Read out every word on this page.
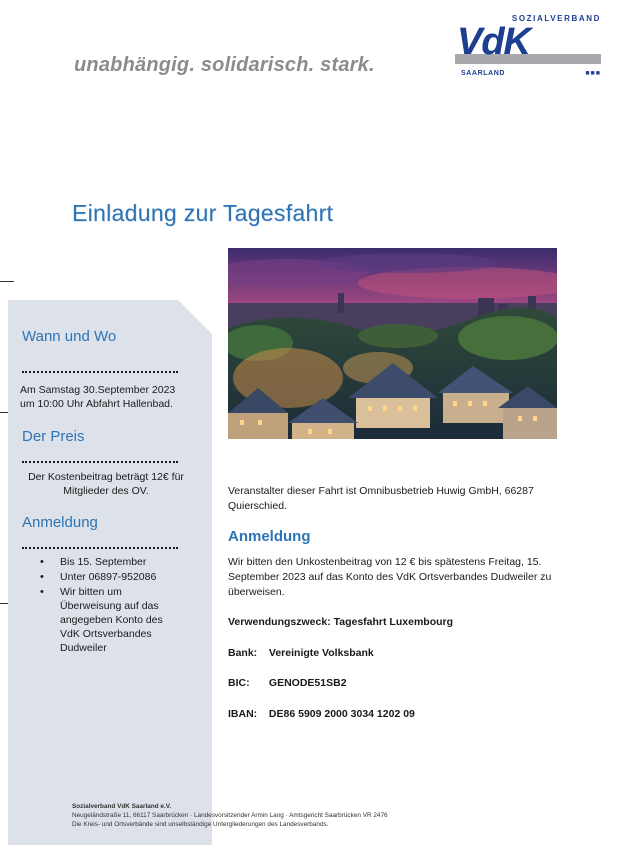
unabhängig. solidarisch. stark.
SOZIALVERBAND
VdK
SAARLAND	■■■
Einladung zur Tagesfahrt
Wann und Wo
Am Samstag 30.September 2023 um 10:00 Uhr Abfahrt Hallenbad.
Der Preis
Der Kostenbeitrag beträgt 12€ für Mitglieder des OV.
Anmeldung
• Bis 15. September
• Unter 06897-952086
• Wir bitten um Überweisung auf das angegeben Konto des VdK Ortsverbandes Dudweiler
Veranstalter dieser Fahrt ist Omnibusbetrieb Huwig GmbH, 66287 Quierschied.
Anmeldung
Wir bitten den Unkostenbeitrag von 12 € bis spätestens Freitag, 15. September 2023 auf das Konto des VdK Ortsverbandes Dudweiler zu überweisen.
Verwendungszweck: Tagesfahrt Luxembourg
Bank: Vereinigte Volksbank
BIC: GENODE51SB2
IBAN: DE86 5909 2000 3034 1202 09
Sozialverband VdK Saarland e.V.
Neugeländstraße 11, 66117 Saarbrücken · Landesvorsitzender Armin Lang · Amtsgericht Saarbrücken VR 2476
Die Kreis- und Ortsverbände sind unselbständige Untergliederungen des Landesverbands.
